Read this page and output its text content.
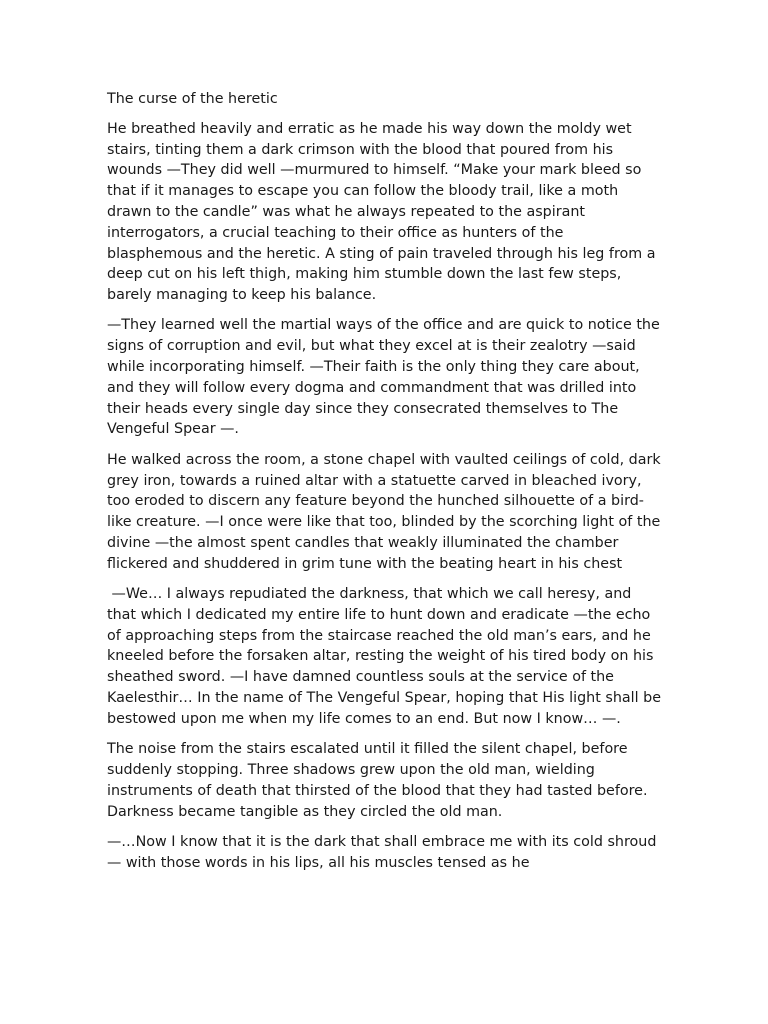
The curse of the heretic

He breathed heavily and erratic as he made his way down the moldy wet stairs, tinting them a dark crimson with the blood that poured from his wounds —They did well —murmured to himself. “Make your mark bleed so that if it manages to escape you can follow the bloody trail, like a moth drawn to the candle” was what he always repeated to the aspirant interrogators, a crucial teaching to their office as hunters of the blasphemous and the heretic. A sting of pain traveled through his leg from a deep cut on his left thigh, making him stumble down the last few steps, barely managing to keep his balance.

—They learned well the martial ways of the office and are quick to notice the signs of corruption and evil, but what they excel at is their zealotry —said while incorporating himself. —Their faith is the only thing they care about, and they will follow every dogma and commandment that was drilled into their heads every single day since they consecrated themselves to The Vengeful Spear —.

He walked across the room, a stone chapel with vaulted ceilings of cold, dark grey iron, towards a ruined altar with a statuette carved in bleached ivory, too eroded to discern any feature beyond the hunched silhouette of a bird-like creature. —I once were like that too, blinded by the scorching light of the divine —the almost spent candles that weakly illuminated the chamber flickered and shuddered in grim tune with the beating heart in his chest

—We… I always repudiated the darkness, that which we call heresy, and that which I dedicated my entire life to hunt down and eradicate —the echo of approaching steps from the staircase reached the old man’s ears, and he kneeled before the forsaken altar, resting the weight of his tired body on his sheathed sword. —I have damned countless souls at the service of the Kaelesthir… In the name of The Vengeful Spear, hoping that His light shall be bestowed upon me when my life comes to an end. But now I know… —.

The noise from the stairs escalated until it filled the silent chapel, before suddenly stopping. Three shadows grew upon the old man, wielding instruments of death that thirsted of the blood that they had tasted before. Darkness became tangible as they circled the old man.

—…Now I know that it is the dark that shall embrace me with its cold shroud— with those words in his lips, all his muscles tensed as he
